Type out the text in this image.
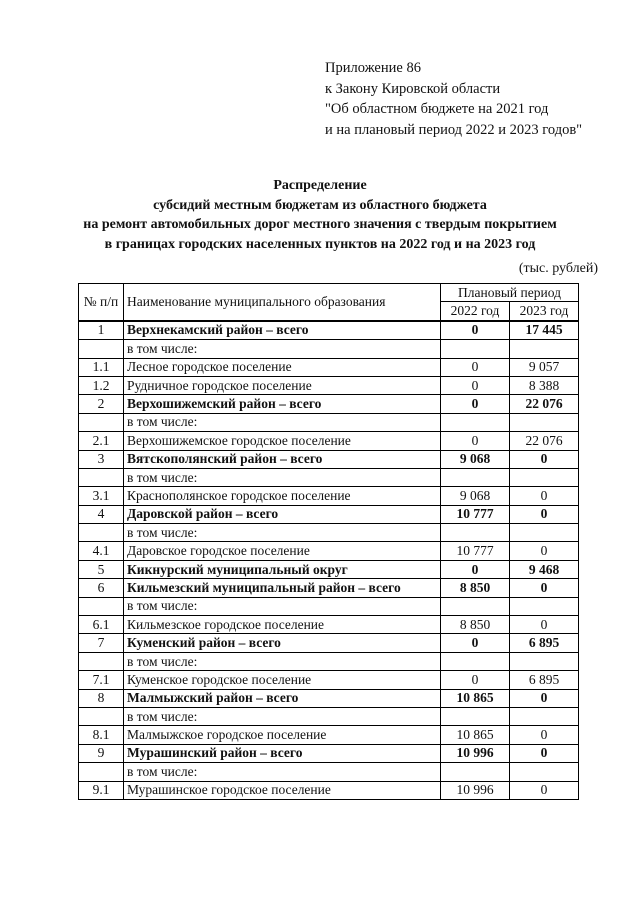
Приложение 86
к Закону Кировской области
"Об областном бюджете на 2021 год
и на плановый период 2022 и 2023 годов"
Распределение
субсидий местным бюджетам из областного бюджета
на ремонт автомобильных дорог местного значения с твердым покрытием
в границах городских населенных пунктов на 2022 год и на 2023 год
(тыс. рублей)
№ п/п	Наименование муниципального образования	Плановый период	
		2022 год	2023 год
1	Верхнекамский район – всего	0	17 445
	в том числе:		
1.1	Лесное городское поселение	0	9 057
1.2	Рудничное городское поселение	0	8 388
2	Верхошижемский район – всего	0	22 076
	в том числе:		
2.1	Верхошижемское городское поселение	0	22 076
3	Вятскополянский район – всего	9 068	0
	в том числе:		
3.1	Краснополянское городское поселение	9 068	0
4	Даровской район – всего	10 777	0
	в том числе:		
4.1	Даровское городское поселение	10 777	0
5	Кикнурский муниципальный округ	0	9 468
6	Кильмезский муниципальный район – всего	8 850	0
	в том числе:		
6.1	Кильмезское городское поселение	8 850	0
7	Куменский район – всего	0	6 895
	в том числе:		
7.1	Куменское городское поселение	0	6 895
8	Малмыжский район – всего	10 865	0
	в том числе:		
8.1	Малмыжское городское поселение	10 865	0
9	Мурашинский район – всего	10 996	0
	в том числе:		
9.1	Мурашинское городское поселение	10 996	0
